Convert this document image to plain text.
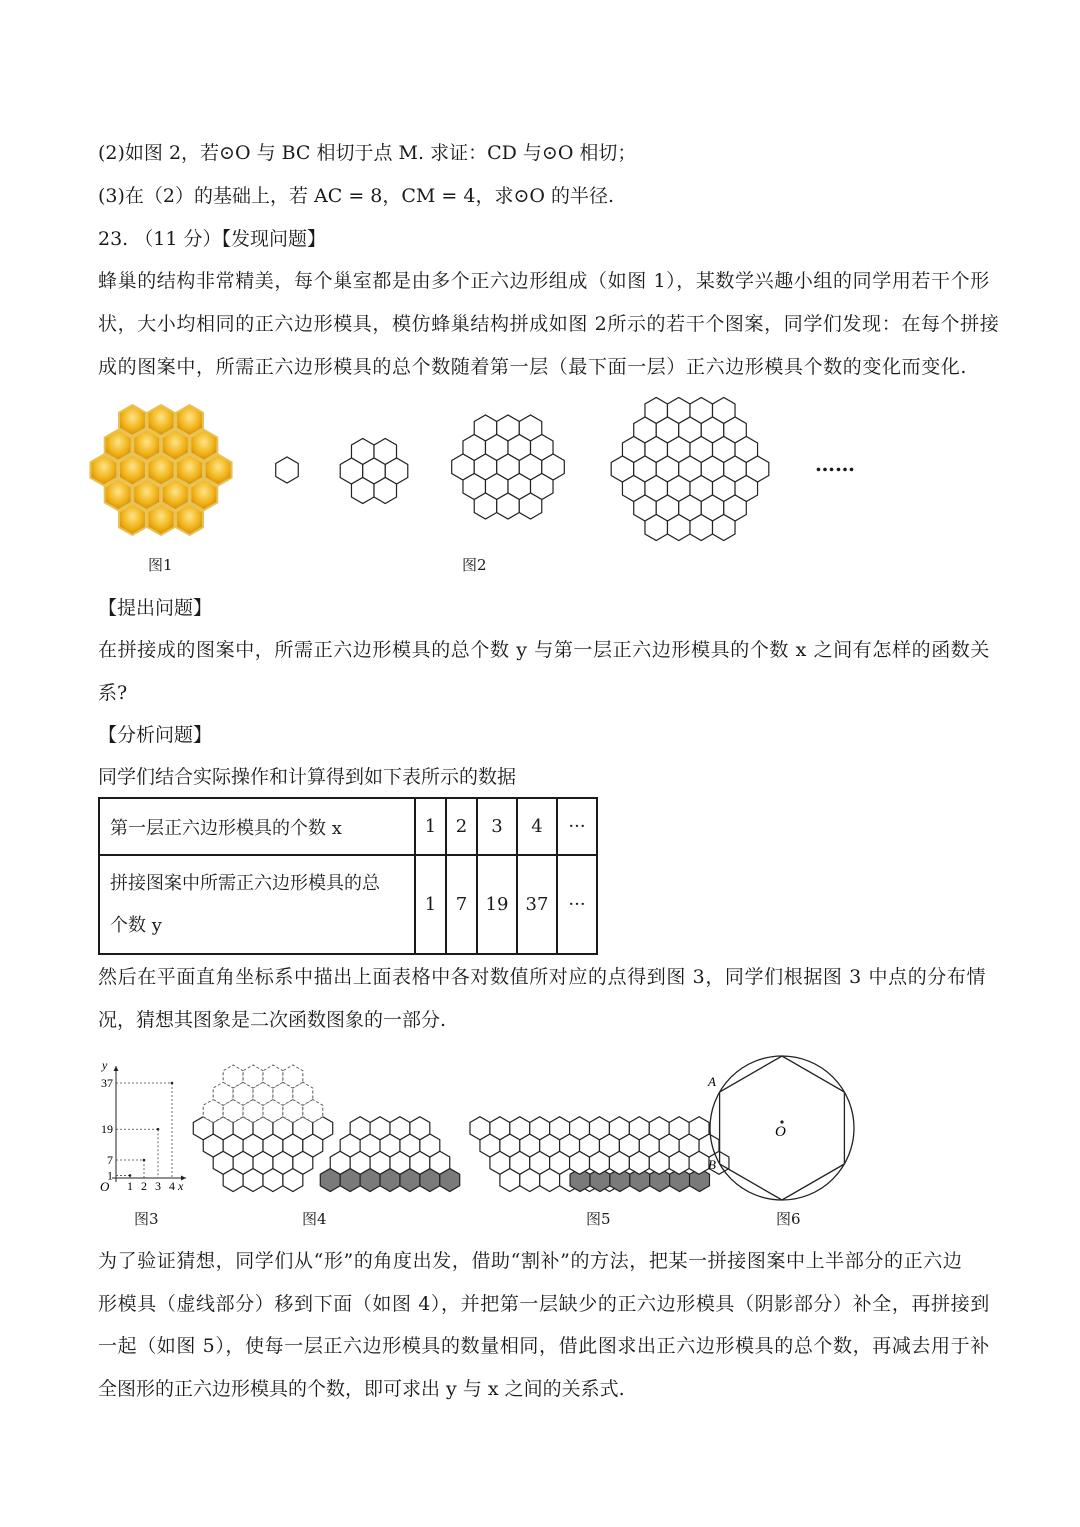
(2)如图 2，若⊙O 与 BC 相切于点 M. 求证：CD 与⊙O 相切；
(3)在（2）的基础上，若 AC = 8，CM = 4，求⊙O 的半径.
23. （11 分）【发现问题】
蜂巢的结构非常精美，每个巢室都是由多个正六边形组成（如图 1），某数学兴趣小组的同学用若干个形
状，大小均相同的正六边形模具，模仿蜂巢结构拼成如图 2所示的若干个图案，同学们发现：在每个拼接
成的图案中，所需正六边形模具的总个数随着第一层（最下面一层）正六边形模具个数的变化而变化.
图1
……
图2
【提出问题】
在拼接成的图案中，所需正六边形模具的总个数 y 与第一层正六边形模具的个数 x 之间有怎样的函数关
系?
【分析问题】
同学们结合实际操作和计算得到如下表所示的数据
第一层正六边形模具的个数 x	1	2	3	4	···

拼接图案中所需正六边形模具的总
个数 y	1	7	19	37	···
然后在平面直角坐标系中描出上面表格中各对数值所对应的点得到图 3，同学们根据图 3 中点的分布情
况，猜想其图象是二次函数图象的一部分.
y
x
O 1 2 3 4
1
7
19
37
图3	图4	图5
O
A
B
图6
为了验证猜想，同学们从“形”的角度出发，借助“割补”的方法，把某一拼接图案中上半部分的正六边
形模具（虚线部分）移到下面（如图 4），并把第一层缺少的正六边形模具（阴影部分）补全，再拼接到
一起（如图 5），使每一层正六边形模具的数量相同，借此图求出正六边形模具的总个数，再减去用于补
全图形的正六边形模具的个数，即可求出 y 与 x 之间的关系式.
